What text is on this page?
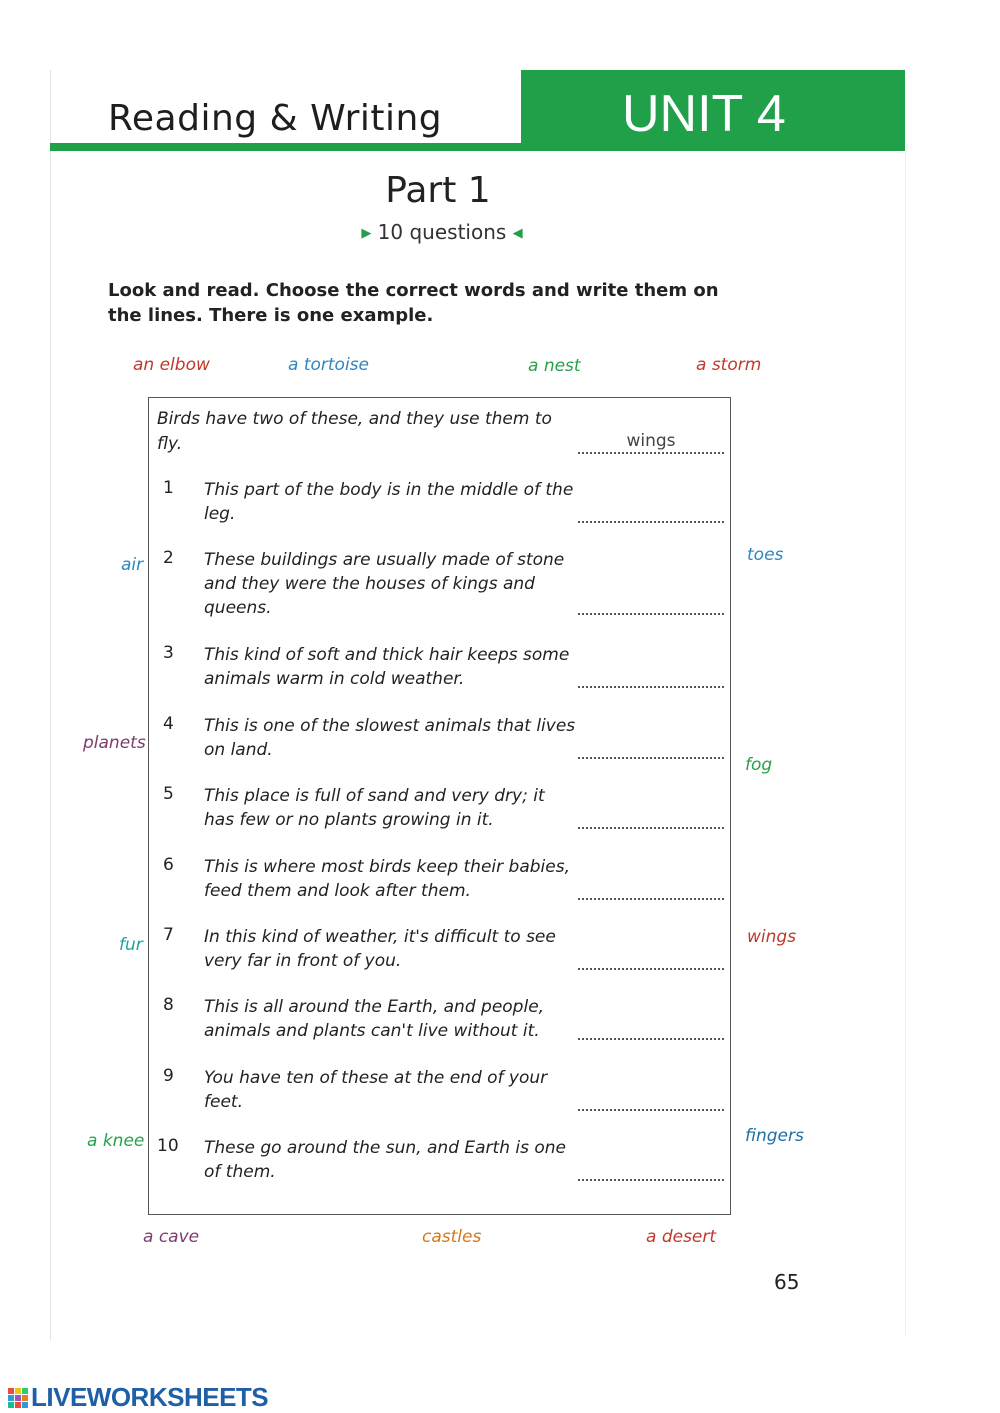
Reading & Writing	UNIT 4
Part 1
▶ 10 questions ◀
Look and read. Choose the correct words and write them on the lines. There is one example.
an elbow	a tortoise	a nest	a storm
air	toes
planets
fog
fur	wings
a knee	fingers
a cave	castles	a desert
Birds have two of these, and they use them to fly.	wings
1 This part of the body is in the middle of the leg.
2 These buildings are usually made of stone and they were the houses of kings and queens.
3 This kind of soft and thick hair keeps some animals warm in cold weather.
4 This is one of the slowest animals that lives on land.
5 This place is full of sand and very dry; it has few or no plants growing in it.
6 This is where most birds keep their babies, feed them and look after them.
7 In this kind of weather, it's difficult to see very far in front of you.
8 This is all around the Earth, and people, animals and plants can't live without it.
9 You have ten of these at the end of your feet.
10 These go around the sun, and Earth is one of them.
65
LIVEWORKSHEETS
